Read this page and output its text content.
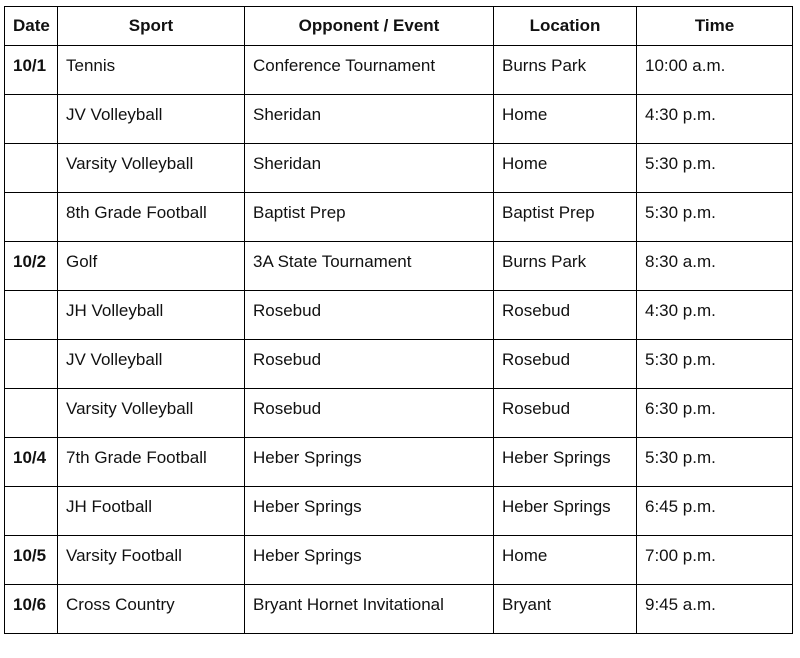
Date	Sport	Opponent / Event	Location	Time
10/1	Tennis	Conference Tournament	Burns Park	10:00 a.m.
	JV Volleyball	Sheridan	Home	4:30 p.m.
	Varsity Volleyball	Sheridan	Home	5:30 p.m.
	8th Grade Football	Baptist Prep	Baptist Prep	5:30 p.m.
10/2	Golf	3A State Tournament	Burns Park	8:30 a.m.
	JH Volleyball	Rosebud	Rosebud	4:30 p.m.
	JV Volleyball	Rosebud	Rosebud	5:30 p.m.
	Varsity Volleyball	Rosebud	Rosebud	6:30 p.m.
10/4	7th Grade Football	Heber Springs	Heber Springs	5:30 p.m.
	JH Football	Heber Springs	Heber Springs	6:45 p.m.
10/5	Varsity Football	Heber Springs	Home	7:00 p.m.
10/6	Cross Country	Bryant Hornet Invitational	Bryant	9:45 a.m.
